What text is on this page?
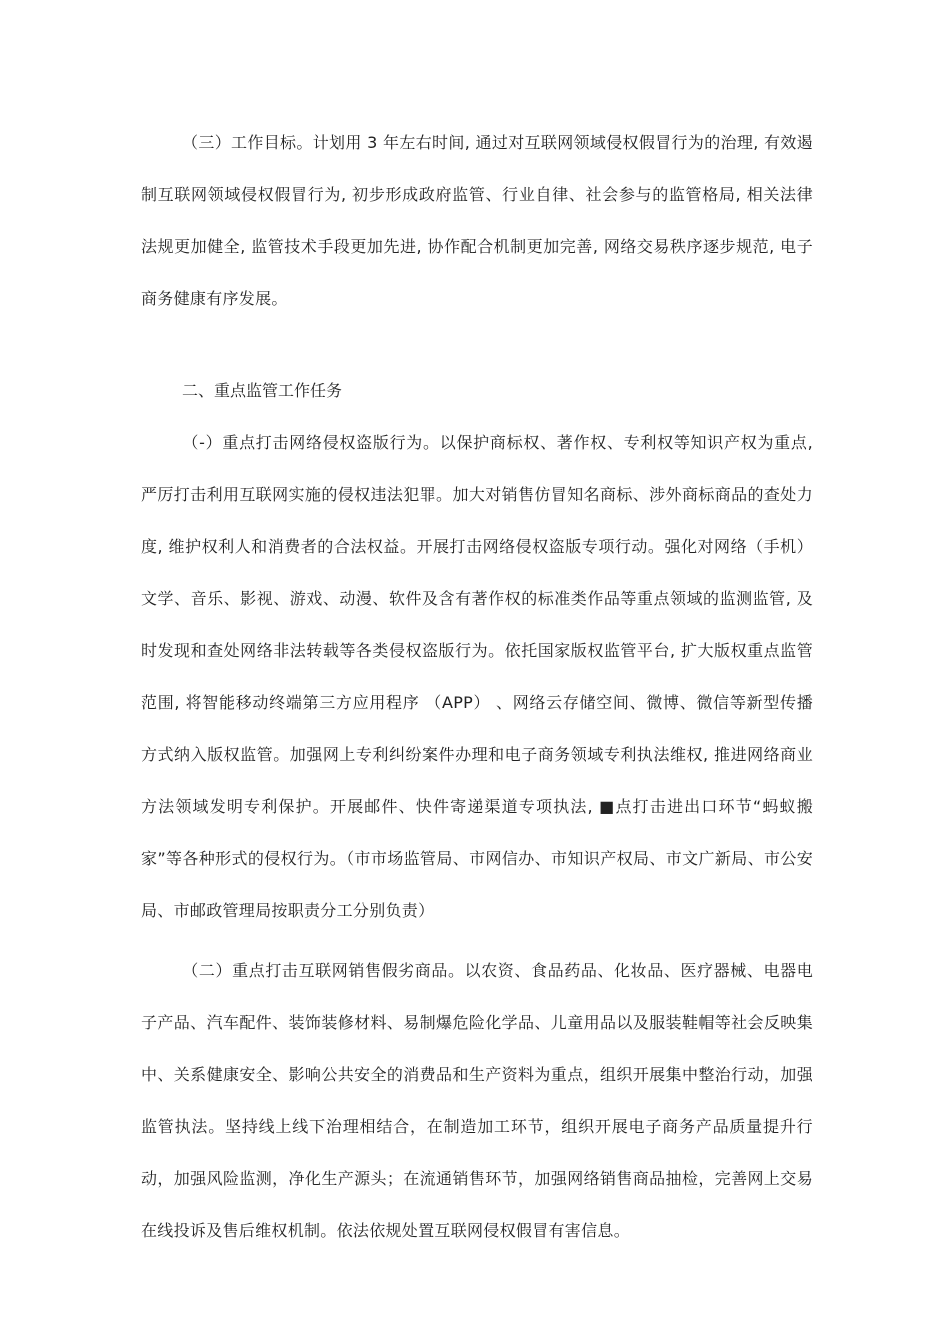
（三）工作目标。计划用 3 年左右时间, 通过对互联网领域侵权假冒行为的治理, 有效遏制互联网领域侵权假冒行为, 初步形成政府监管、行业自律、社会参与的监管格局, 相关法律法规更加健全, 监管技术手段更加先进, 协作配合机制更加完善, 网络交易秩序逐步规范, 电子商务健康有序发展。

二、重点监管工作任务

（-）重点打击网络侵权盗版行为。以保护商标权、著作权、专利权等知识产权为重点, 严厉打击利用互联网实施的侵权违法犯罪。加大对销售仿冒知名商标、涉外商标商品的查处力度, 维护权利人和消费者的合法权益。开展打击网络侵权盗版专项行动。强化对网络（手机）文学、音乐、影视、游戏、动漫、软件及含有著作权的标准类作品等重点领域的监测监管, 及时发现和查处网络非法转载等各类侵权盗版行为。依托国家版权监管平台, 扩大版权重点监管范围, 将智能移动终端第三方应用程序 （APP） 、网络云存储空间、微博、微信等新型传播方式纳入版权监管。加强网上专利纠纷案件办理和电子商务领域专利执法维权, 推进网络商业方法领域发明专利保护。开展邮件、快件寄递渠道专项执法, ■点打击进出口环节“蚂蚁搬家”等各种形式的侵权行为。（市市场监管局、市网信办、市知识产权局、市文广新局、市公安局、市邮政管理局按职责分工分别负责）

（二）重点打击互联网销售假劣商品。以农资、食品药品、化妆品、医疗器械、电器电子产品、汽车配件、装饰装修材料、易制爆危险化学品、儿童用品以及服装鞋帽等社会反映集中、关系健康安全、影响公共安全的消费品和生产资料为重点，组织开展集中整治行动，加强监管执法。坚持线上线下治理相结合，在制造加工环节，组织开展电子商务产品质量提升行动，加强风险监测，净化生产源头；在流通销售环节，加强网络销售商品抽检，完善网上交易在线投诉及售后维权机制。依法依规处置互联网侵权假冒有害信息。
